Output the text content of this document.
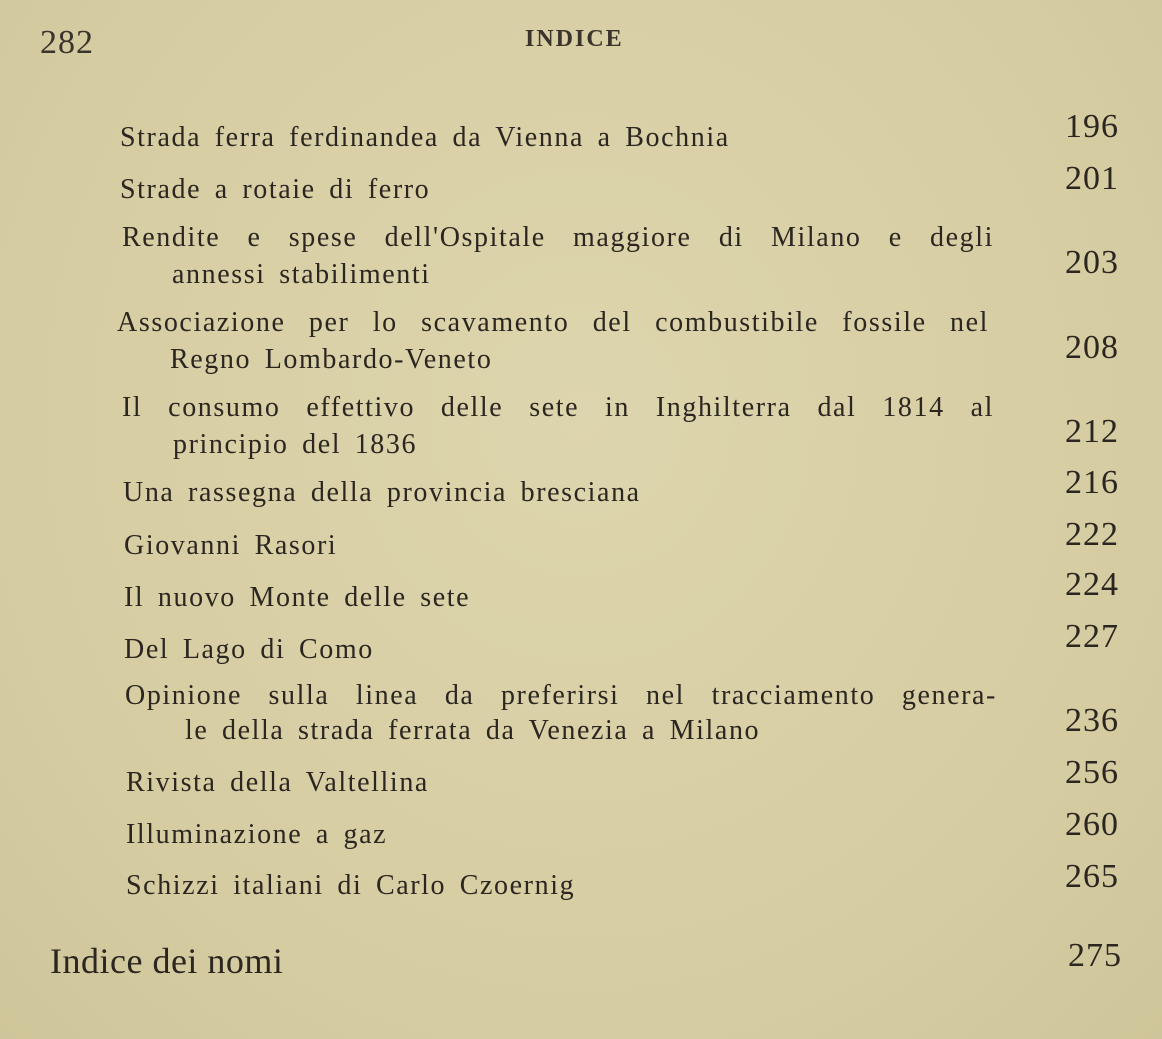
282	INDICE
Strada ferra ferdinandea da Vienna a Bochnia	196
Strade a rotaie di ferro	201
Rendite e spese dell'Ospitale maggiore di Milano e degli
annessi stabilimenti	203
Associazione per lo scavamento del combustibile fossile nel
Regno Lombardo-Veneto	208
Il consumo effettivo delle sete in Inghilterra dal 1814 al
principio del 1836	212
Una rassegna della provincia bresciana	216
Giovanni Rasori	222
Il nuovo Monte delle sete	224
Del Lago di Como	227
Opinione sulla linea da preferirsi nel tracciamento genera-
le della strada ferrata da Venezia a Milano	236
Rivista della Valtellina	256
Illuminazione a gaz	260
Schizzi italiani di Carlo Czoernig	265
Indice dei nomi	275
